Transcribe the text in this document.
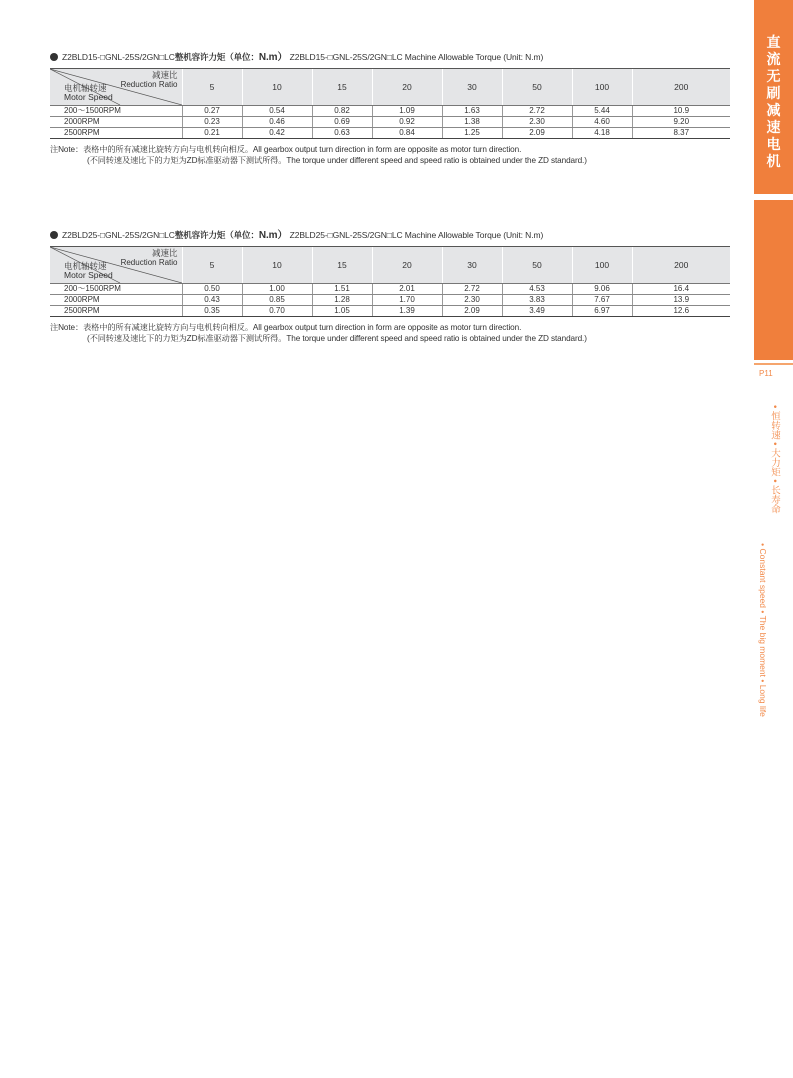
Z2BLD15-□GNL-25S/2GN□LC整机容许力矩（单位：N.m） Z2BLD15-□GNL-25S/2GN□LC Machine Allowable Torque (Unit: N.m)
减速比
Reduction Ratio
电机轴转速
Motor Speed	5	10	15	20	30	50	100	200
200～1500RPM	0.27	0.54	0.82	1.09	1.63	2.72	5.44	10.9
2000RPM	0.23	0.46	0.69	0.92	1.38	2.30	4.60	9.20
2500RPM	0.21	0.42	0.63	0.84	1.25	2.09	4.18	8.37
注Note：表格中的所有减速比旋转方向与电机转向相反。All gearbox output turn direction in form are opposite as motor turn direction.
(不同转速及速比下的力矩为ZD标准驱动器下测试所得。The torque under different speed and speed ratio is obtained under the ZD standard.)
Z2BLD25-□GNL-25S/2GN□LC整机容许力矩（单位：N.m） Z2BLD25-□GNL-25S/2GN□LC Machine Allowable Torque (Unit: N.m)
减速比
Reduction Ratio
电机轴转速
Motor Speed	5	10	15	20	30	50	100	200
200～1500RPM	0.50	1.00	1.51	2.01	2.72	4.53	9.06	16.4
2000RPM	0.43	0.85	1.28	1.70	2.30	3.83	7.67	13.9
2500RPM	0.35	0.70	1.05	1.39	2.09	3.49	6.97	12.6
注Note：表格中的所有减速比旋转方向与电机转向相反。All gearbox output turn direction in form are opposite as motor turn direction.
(不同转速及速比下的力矩为ZD标准驱动器下测试所得。The torque under different speed and speed ratio is obtained under the ZD standard.)
直
流
无
刷
减
速
电
机
DC BRUSHLESS GEAR MOTOR
P11
• 恒转速 • 大力矩 • 长寿命
• Constant speed • The big moment • Long life
